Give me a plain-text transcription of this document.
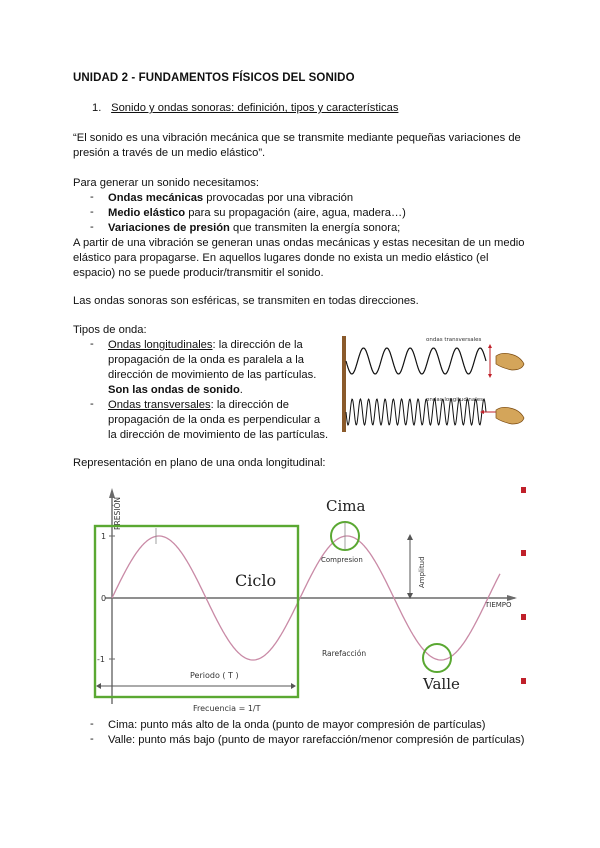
UNIDAD 2 - FUNDAMENTOS FÍSICOS DEL SONIDO
1. Sonido y ondas sonoras: definición, tipos y características
“El sonido es una vibración mecánica que se transmite mediante pequeñas variaciones de
presión a través de un medio elástico”.
Para generar un sonido necesitamos:
- Ondas mecánicas provocadas por una vibración
- Medio elástico para su propagación (aire, agua, madera…)
- Variaciones de presión que transmiten la energía sonora;
A partir de una vibración se generan unas ondas mecánicas y estas necesitan de un medio
elástico para propagarse. En aquellos lugares donde no exista un medio elástico (el
espacio) no se puede producir/transmitir el sonido.
Las ondas sonoras son esféricas, se transmiten en todas direcciones.
Tipos de onda:
- Ondas longitudinales: la dirección de la
propagación de la onda es paralela a la
dirección de movimiento de las partículas.
Son las ondas de sonido.
- Ondas transversales: la dirección de
propagación de la onda es perpendicular a
la dirección de movimiento de las partículas.
ondas transversales
ondas longitudinales
Representación en plano de una onda longitudinal:
PRESIÓN
TIEMPO
1
0
-1
Ciclo
Periodo ( T )
Frecuencia = 1/T
Cima
Compresion	Amplitud
Rarefacción
Valle
- Cima: punto más alto de la onda (punto de mayor compresión de partículas)
- Valle: punto más bajo (punto de mayor rarefacción/menor compresión de partículas)
